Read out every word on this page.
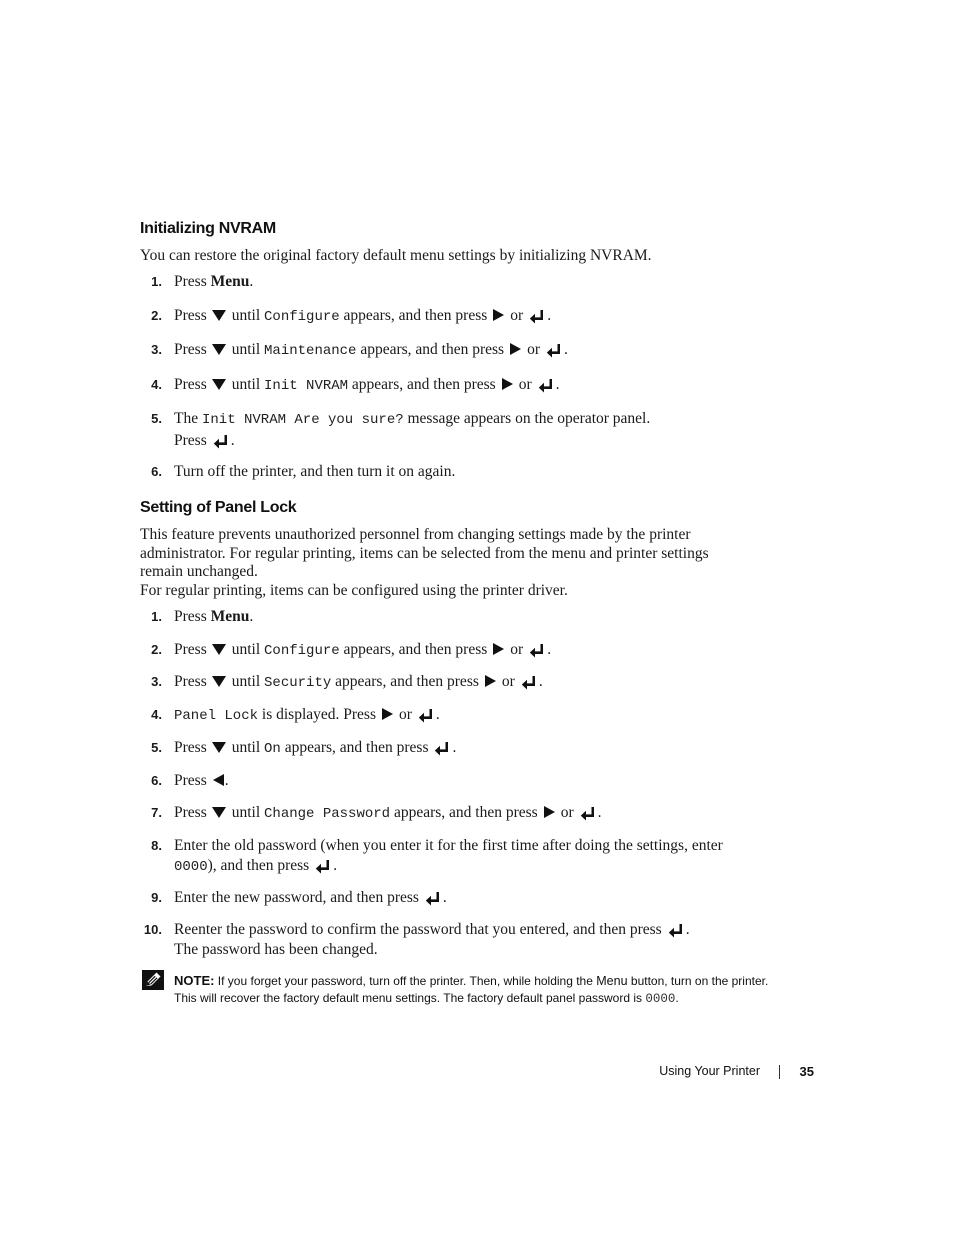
Initializing NVRAM

You can restore the original factory default menu settings by initializing NVRAM.

1. Press Menu.
2. Press until Configure appears, and then press or .
3. Press until Maintenance appears, and then press or .
4. Press until Init NVRAM appears, and then press or .
5. The Init NVRAM Are you sure? message appears on the operator panel.
Press .
6. Turn off the printer, and then turn it on again.
Setting of Panel Lock

This feature prevents unauthorized personnel from changing settings made by the printer administrator. For regular printing, items can be selected from the menu and printer settings remain unchanged.

For regular printing, items can be configured using the printer driver.

1. Press Menu.
2. Press until Configure appears, and then press or .
3. Press until Security appears, and then press or .
4. Panel Lock is displayed. Press or .
5. Press until On appears, and then press .
6. Press .
7. Press until Change Password appears, and then press or .
8. Enter the old password (when you enter it for the first time after doing the settings, enter
0000), and then press .
9. Enter the new password, and then press .
10. Reenter the password to confirm the password that you entered, and then press .
The password has been changed.
NOTE: If you forget your password, turn off the printer. Then, while holding the Menu button, turn on the printer. This will recover the factory default menu settings. The factory default panel password is 0000.
Using Your Printer	35
